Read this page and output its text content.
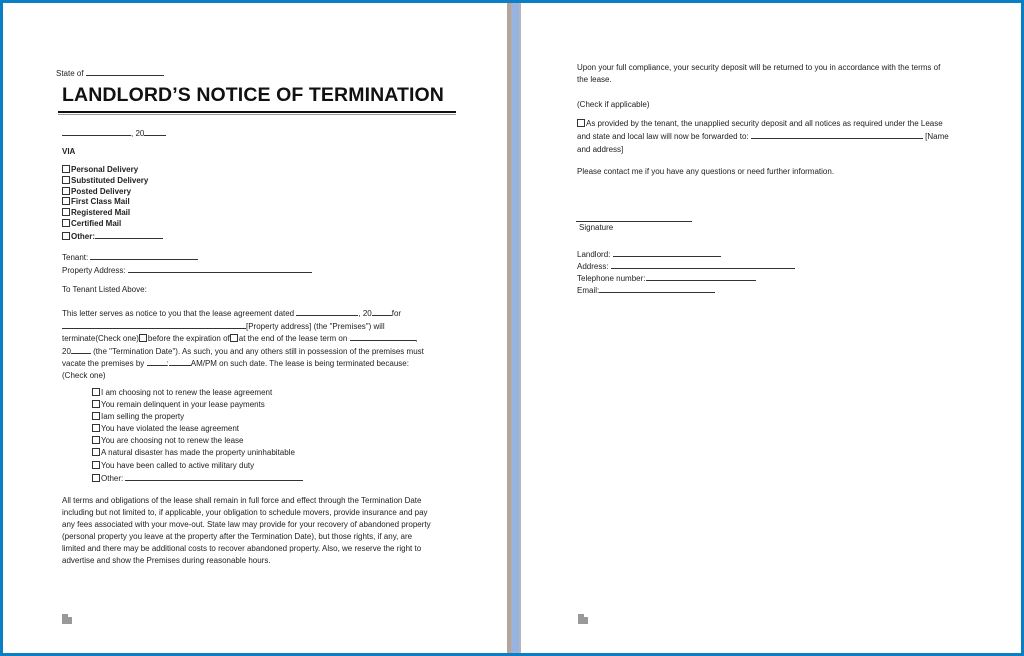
State of
LANDLORD’S NOTICE OF TERMINATION
, 20
VIA
Personal Delivery
Substituted Delivery
Posted Delivery
First Class Mail
Registered Mail
Certified Mail
Other:
Tenant:
Property Address:
To Tenant Listed Above:
This letter serves as notice to you that the lease agreement dated	, 20	for
[Property address] (the "Premises") will
terminate(Check one) before the expiration of at the end of the lease term on	,
20	(the "Termination Date"). As such, you and any others still in possession of the premises must
vacate the premises by	:	AM/PM on such date. The lease is being terminated because:
(Check one)
I am choosing not to renew the lease agreement
You remain delinquent in your lease payments
Iam selling the property
You have violated the lease agreement
You are choosing not to renew the lease
A natural disaster has made the property uninhabitable
You have been called to active military duty
Other:
All terms and obligations of the lease shall remain in full force and effect through the Termination Date
including but not limited to, if applicable, your obligation to schedule movers, provide insurance and pay
any fees associated with your move-out. State law may provide for your recovery of abandoned property
(personal property you leave at the property after the Termination Date), but those rights, if any, are
limited and there may be additional costs to recover abandoned property. Also, we reserve the right to
advertise and show the Premises during reasonable hours.
Upon your full compliance, your security deposit will be returned to you in accordance with the terms of
the lease.
(Check if applicable)
As provided by the tenant, the unapplied security deposit and all notices as required under the Lease
and state and local law will now be forwarded to:	[Name
and address]
Please contact me if you have any questions or need further information.
Signature
Landlord:
Address:
Telephone number:
Email:
